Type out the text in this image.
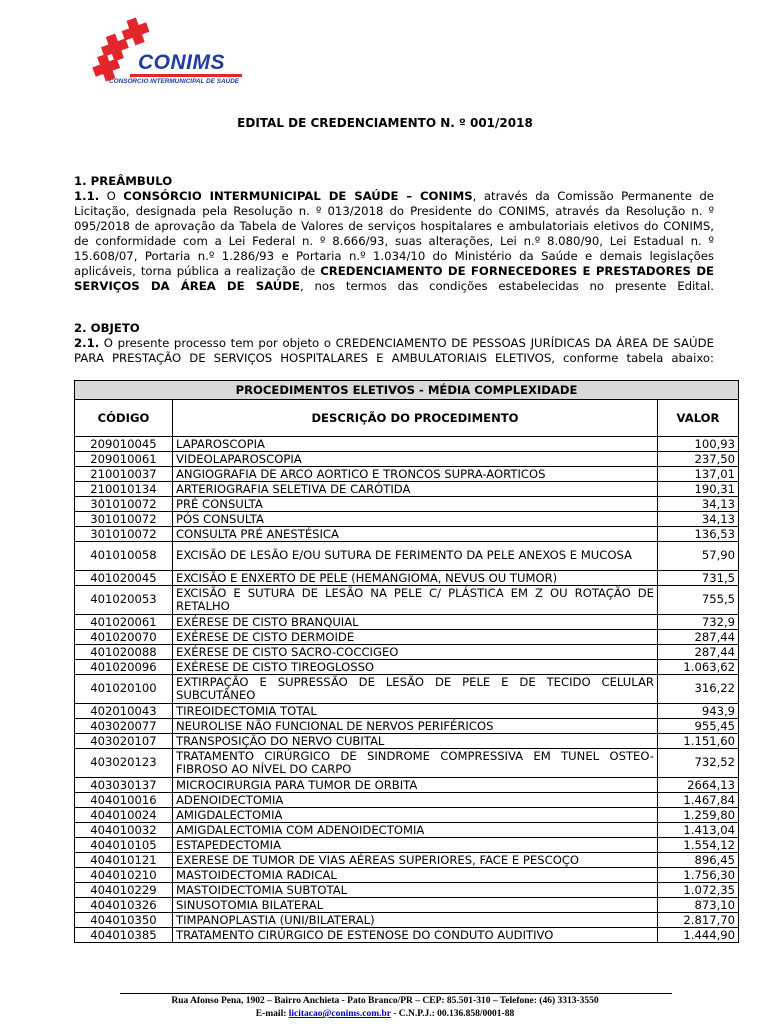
CONIMS
CONSÓRCIO INTERMUNICIPAL DE SAÚDE
EDITAL DE CREDENCIAMENTO N. º 001/2018
1. PREÂMBULO
1.1. O CONSÓRCIO INTERMUNICIPAL DE SAÚDE – CONIMS, através da Comissão Permanente de Licitação, designada pela Resolução n. º 013/2018 do Presidente do CONIMS, através da Resolução n. º 095/2018 de aprovação da Tabela de Valores de serviços hospitalares e ambulatoriais eletivos do CONIMS, de conformidade com a Lei Federal n. º 8.666/93, suas alterações, Lei n.º 8.080/90, Lei Estadual n. º 15.608/07, Portaria n.º 1.286/93 e Portaria n.º 1.034/10 do Ministério da Saúde e demais legislações aplicáveis, torna pública a realização de CREDENCIAMENTO DE FORNECEDORES E PRESTADORES DE SERVIÇOS DA ÁREA DE SAÚDE, nos termos das condições estabelecidas no presente Edital.
2. OBJETO
2.1. O presente processo tem por objeto o CREDENCIAMENTO DE PESSOAS JURÍDICAS DA ÁREA DE SAÚDE PARA PRESTAÇÃO DE SERVIÇOS HOSPITALARES E AMBULATORIAIS ELETIVOS, conforme tabela abaixo:
PROCEDIMENTOS ELETIVOS - MÉDIA COMPLEXIDADE		
CÓDIGO	DESCRIÇÃO DO PROCEDIMENTO	VALOR
209010045	LAPAROSCOPIA	100,93
209010061	VIDEOLAPAROSCOPIA	237,50
210010037	ANGIOGRAFIA DE ARCO AORTICO E TRONCOS SUPRA-AORTICOS	137,01
210010134	ARTERIOGRAFIA SELETIVA DE CARÓTIDA	190,31
301010072	PRÉ CONSULTA	34,13
301010072	PÓS CONSULTA	34,13
301010072	CONSULTA PRÉ ANESTÉSICA	136,53
401010058	EXCISÃO DE LESÃO E/OU SUTURA DE FERIMENTO DA PELE ANEXOS E MUCOSA	57,90
401020045	EXCISÃO E ENXERTO DE PELE (HEMANGIOMA, NEVUS OU TUMOR)	731,5
401020053	EXCISÃO E SUTURA DE LESÃO NA PELE C/ PLÁSTICA EM Z OU ROTAÇÃO DE RETALHO	755,5
401020061	EXÉRESE DE CISTO BRANQUIAL	732,9
401020070	EXÉRESE DE CISTO DERMOIDE	287,44
401020088	EXÉRESE DE CISTO SACRO-COCCIGEO	287,44
401020096	EXÉRESE DE CISTO TIREOGLOSSO	1.063,62
401020100	EXTIRPAÇÃO E SUPRESSÃO DE LESÃO DE PELE E DE TECIDO CELULAR SUBCUTÂNEO	316,22
402010043	TIREOIDECTOMIA TOTAL	943,9
403020077	NEUROLISE NÃO FUNCIONAL DE NERVOS PERIFÉRICOS	955,45
403020107	TRANSPOSIÇÃO DO NERVO CUBITAL	1.151,60
403020123	TRATAMENTO CIRÚRGICO DE SINDROME COMPRESSIVA EM TUNEL OSTEO-FIBROSO AO NÍVEL DO CARPO	732,52
403030137	MICROCIRURGIA PARA TUMOR DE ORBITA	2664,13
404010016	ADENOIDECTOMIA	1.467,84
404010024	AMIGDALECTOMIA	1.259,80
404010032	AMIGDALECTOMIA COM ADENOIDECTOMIA	1.413,04
404010105	ESTAPEDECTOMIA	1.554,12
404010121	EXERESE DE TUMOR DE VIAS AÉREAS SUPERIORES, FACE E PESCOÇO	896,45
404010210	MASTOIDECTOMIA RADICAL	1.756,30
404010229	MASTOIDECTOMIA SUBTOTAL	1.072,35
404010326	SINUSOTOMIA BILATERAL	873,10
404010350	TIMPANOPLASTIA (UNI/BILATERAL)	2.817,70
404010385	TRATAMENTO CIRÚRGICO DE ESTENOSE DO CONDUTO AUDITIVO	1.444,90
Rua Afonso Pena, 1902 – Bairro Anchieta - Pato Branco/PR – CEP: 85.501-310 – Telefone: (46) 3313-3550
E-mail: licitacao@conims.com.br - C.N.P.J.: 00.136.858/0001-88
